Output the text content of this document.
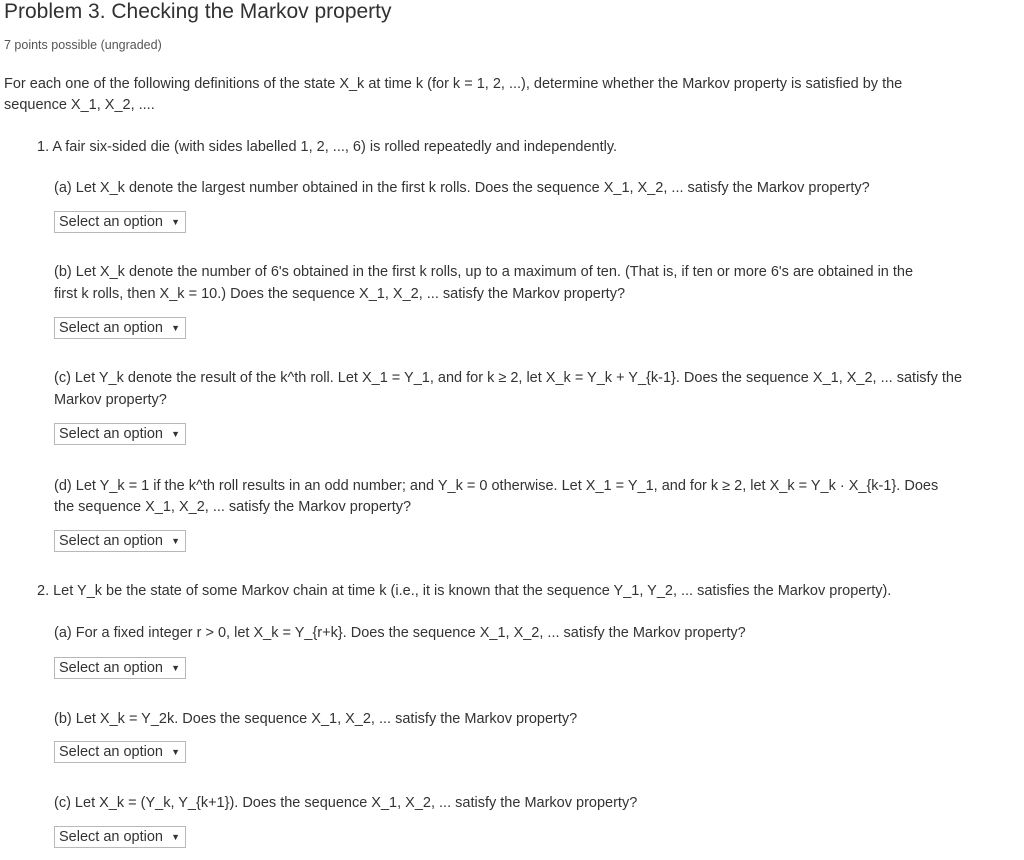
Problem 3. Checking the Markov property
7 points possible (ungraded)
For each one of the following definitions of the state X_k at time k (for k = 1, 2, ...), determine whether the Markov property is satisfied by the
sequence X_1, X_2, ....
1. A fair six-sided die (with sides labelled 1, 2, ..., 6) is rolled repeatedly and independently.
(a) Let X_k denote the largest number obtained in the first k rolls. Does the sequence X_1, X_2, ... satisfy the Markov property?
Select an option ▼
(b) Let X_k denote the number of 6's obtained in the first k rolls, up to a maximum of ten. (That is, if ten or more 6's are obtained in the
first k rolls, then X_k = 10.) Does the sequence X_1, X_2, ... satisfy the Markov property?
Select an option ▼
(c) Let Y_k denote the result of the k^th roll. Let X_1 = Y_1, and for k ≥ 2, let X_k = Y_k + Y_{k-1}. Does the sequence X_1, X_2, ... satisfy the
Markov property?
Select an option ▼
(d) Let Y_k = 1 if the k^th roll results in an odd number; and Y_k = 0 otherwise. Let X_1 = Y_1, and for k ≥ 2, let X_k = Y_k · X_{k-1}. Does
the sequence X_1, X_2, ... satisfy the Markov property?
Select an option ▼
2. Let Y_k be the state of some Markov chain at time k (i.e., it is known that the sequence Y_1, Y_2, ... satisfies the Markov property).
(a) For a fixed integer r > 0, let X_k = Y_{r+k}. Does the sequence X_1, X_2, ... satisfy the Markov property?
Select an option ▼
(b) Let X_k = Y_2k. Does the sequence X_1, X_2, ... satisfy the Markov property?
Select an option ▼
(c) Let X_k = (Y_k, Y_{k+1}). Does the sequence X_1, X_2, ... satisfy the Markov property?
Select an option ▼
